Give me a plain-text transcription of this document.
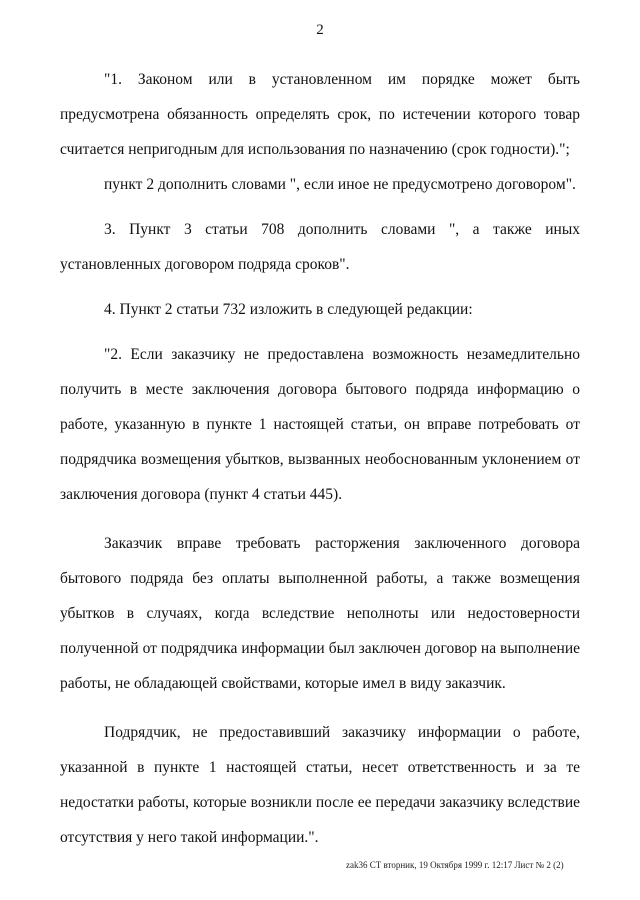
2

"1. Законом или в установленном им порядке может быть предусмотрена обязанность определять срок, по истечении которого товар считается непригодным для использования по назначению (срок годности).";

пункт 2 дополнить словами ", если иное не предусмотрено договором".

3. Пункт 3 статьи 708 дополнить словами ", а также иных установленных договором подряда сроков".

4. Пункт 2 статьи 732 изложить в следующей редакции:

"2. Если заказчику не предоставлена возможность незамедлительно получить в месте заключения договора бытового подряда информацию о работе, указанную в пункте 1 настоящей статьи, он вправе потребовать от подрядчика возмещения убытков, вызванных необоснованным уклонением от заключения договора (пункт 4 статьи 445).

Заказчик вправе требовать расторжения заключенного договора бытового подряда без оплаты выполненной работы, а также возмещения убытков в случаях, когда вследствие неполноты или недостоверности полученной от подрядчика информации был заключен договор на выполнение работы, не обладающей свойствами, которые имел в виду заказчик.

Подрядчик, не предоставивший заказчику информации о работе, указанной в пункте 1 настоящей статьи, несет ответственность и за те недостатки работы, которые возникли после ее передачи заказчику вследствие отсутствия у него такой информации.".

zak36 СТ вторник, 19 Октября 1999 г. 12:17 Лист № 2 (2)
